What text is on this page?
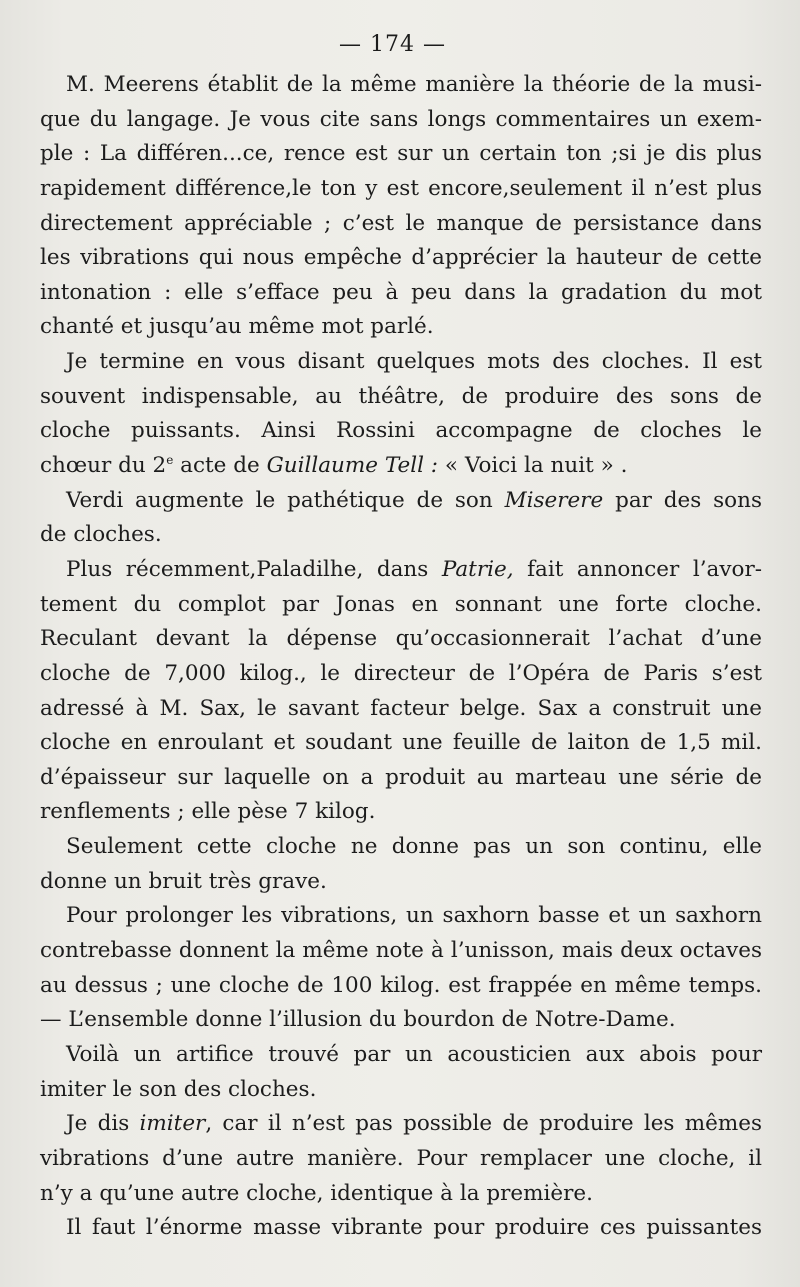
— 174 —
M. Meerens établit de la même manière la théorie de la musi-
que du langage. Je vous cite sans longs commentaires un exem-
ple : La différen...ce, rence est sur un certain ton ;si je dis plus
rapidement différence,le ton y est encore,seulement il n’est plus
directement appréciable ; c’est le manque de persistance dans
les vibrations qui nous empêche d’apprécier la hauteur de cette
intonation : elle s’efface peu à peu dans la gradation du mot
chanté et jusqu’au même mot parlé.
Je termine en vous disant quelques mots des cloches. Il est
souvent indispensable, au théâtre, de produire des sons de
cloche puissants. Ainsi Rossini accompagne de cloches le
chœur du 2e acte de Guillaume Tell : « Voici la nuit » .
Verdi augmente le pathétique de son Miserere par des sons
de cloches.
Plus récemment,Paladilhe, dans Patrie, fait annoncer l’avor-
tement du complot par Jonas en sonnant une forte cloche.
Reculant devant la dépense qu’occasionnerait l’achat d’une
cloche de 7,000 kilog., le directeur de l’Opéra de Paris s’est
adressé à M. Sax, le savant facteur belge. Sax a construit une
cloche en enroulant et soudant une feuille de laiton de 1,5 mil.
d’épaisseur sur laquelle on a produit au marteau une série de
renflements ; elle pèse 7 kilog.
Seulement cette cloche ne donne pas un son continu, elle
donne un bruit très grave.
Pour prolonger les vibrations, un saxhorn basse et un saxhorn
contrebasse donnent la même note à l’unisson, mais deux octaves
au dessus ; une cloche de 100 kilog. est frappée en même temps.
— L’ensemble donne l’illusion du bourdon de Notre-Dame.
Voilà un artifice trouvé par un acousticien aux abois pour
imiter le son des cloches.
Je dis imiter, car il n’est pas possible de produire les mêmes
vibrations d’une autre manière. Pour remplacer une cloche, il
n’y a qu’une autre cloche, identique à la première.
Il faut l’énorme masse vibrante pour produire ces puissantes
